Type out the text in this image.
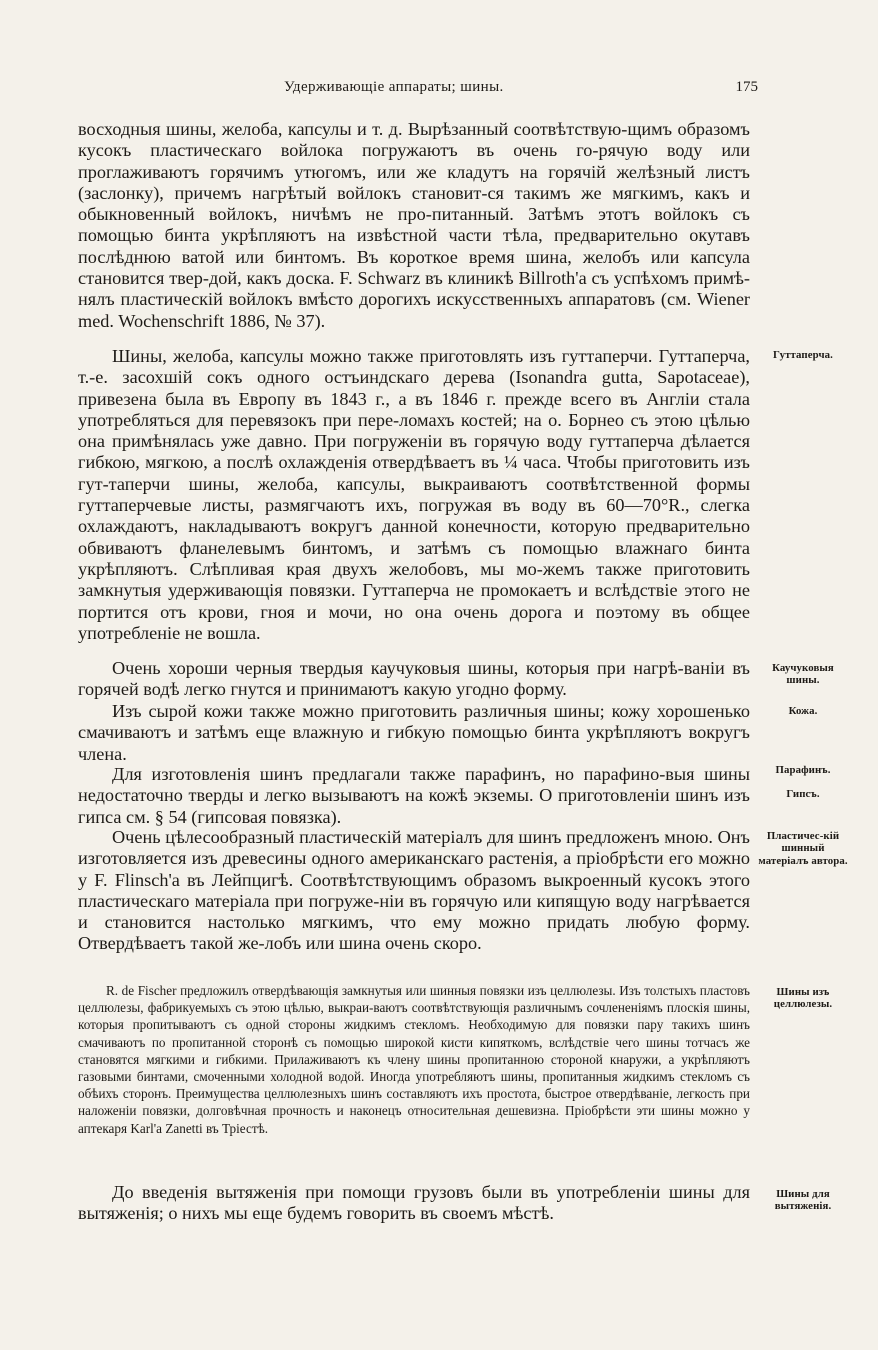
Удерживающіе аппараты; шины.	175
восходныя шины, желоба, капсулы и т. д. Вырѣзанный соотвѣтствую-щимъ образомъ кусокъ пластическаго войлока погружаютъ въ очень го-рячую воду или проглаживаютъ горячимъ утюгомъ, или же кладутъ на горячій желѣзный листъ (заслонку), причемъ нагрѣтый войлокъ становит-ся такимъ же мягкимъ, какъ и обыкновенный войлокъ, ничѣмъ не про-питанный. Затѣмъ этотъ войлокъ съ помощью бинта укрѣпляютъ на извѣстной части тѣла, предварительно окутавъ послѣднюю ватой или бинтомъ. Въ короткое время шина, желобъ или капсула становится твер-дой, какъ доска. F. Schwarz въ клиникѣ Billroth'а съ успѣхомъ примѣ-нялъ пластическій войлокъ вмѣсто дорогихъ искусственныхъ аппаратовъ (см. Wiener med. Wochenschrift 1886, № 37).
Шины, желоба, капсулы можно также приготовлять изъ гуттаперчи. Гуттаперча, т.-е. засохшій сокъ одного остъиндскаго дерева (Isonandra gutta, Sapotaceae), привезена была въ Европу въ 1843 г., а въ 1846 г. прежде всего въ Англіи стала употребляться для перевязокъ при пере-ломахъ костей; на о. Борнео съ этою цѣлью она примѣнялась уже давно. При погруженіи въ горячую воду гуттаперча дѣлается гибкою, мягкою, а послѣ охлажденія отвердѣваетъ въ ¼ часа. Чтобы приготовить изъ гут-таперчи шины, желоба, капсулы, выкраиваютъ соотвѣтственной формы гуттаперчевые листы, размягчаютъ ихъ, погружая въ воду въ 60—70°R., слегка охлаждаютъ, накладываютъ вокругъ данной конечности, которую предварительно обвиваютъ фланелевымъ бинтомъ, и затѣмъ съ помощью влажнаго бинта укрѣпляютъ. Слѣпливая края двухъ желобовъ, мы мо-жемъ также приготовить замкнутыя удерживающія повязки. Гуттаперча не промокаетъ и вслѣдствіе этого не портится отъ крови, гноя и мочи, но она очень дорога и поэтому въ общее употребленіе не вошла.
Очень хороши черныя твердыя каучуковыя шины, которыя при нагрѣ-ваніи въ горячей водѣ легко гнутся и принимаютъ какую угодно форму.
Изъ сырой кожи также можно приготовить различныя шины; кожу хорошенько смачиваютъ и затѣмъ еще влажную и гибкую помощью бинта укрѣпляютъ вокругъ члена.
Для изготовленія шинъ предлагали также парафинъ, но парафино-выя шины недостаточно тверды и легко вызываютъ на кожѣ экземы. О приготовленіи шинъ изъ гипса см. § 54 (гипсовая повязка).
Очень цѣлесообразный пластическій матеріалъ для шинъ предложенъ мною. Онъ изготовляется изъ древесины одного американскаго растенія, а пріобрѣсти его можно у F. Flinsch'а въ Лейпцигѣ. Соотвѣтствующимъ образомъ выкроенный кусокъ этого пластическаго матеріала при погруже-ніи въ горячую или кипящую воду нагрѣвается и становится настолько мягкимъ, что ему можно придать любую форму. Отвердѣваетъ такой же-лобъ или шина очень скоро.
R. de Fischer предложилъ отвердѣвающія замкнутыя или шинныя повязки изъ целлюлезы. Изъ толстыхъ пластовъ целлюлезы, фабрикуемыхъ съ этою цѣлью, выкраи-ваютъ соотвѣтствующія различнымъ сочлененіямъ плоскія шины, которыя пропитываютъ съ одной стороны жидкимъ стекломъ. Необходимую для повязки пару такихъ шинъ смачиваютъ по пропитанной сторонѣ съ помощью широкой кисти кипяткомъ, вслѣдствіе чего шины тотчасъ же становятся мягкими и гибкими. Прилаживаютъ къ члену шины пропитанною стороной кнаружи, а укрѣпляютъ газовыми бинтами, смоченными холодной водой. Иногда употребляютъ шины, пропитанныя жидкимъ стекломъ съ обѣихъ сторонъ. Преимущества целлюлезныхъ шинъ составляютъ ихъ простота, быстрое отвердѣваніе, легкость при наложеніи повязки, долговѣчная прочность и наконецъ относительная дешевизна. Пріобрѣсти эти шины можно у аптекаря Karl'a Zanetti въ Тріестѣ.
До введенія вытяженія при помощи грузовъ были въ употребленіи шины для вытяженія; о нихъ мы еще будемъ говорить въ своемъ мѣстѣ.
Гуттаперча.
Каучуковыя шины.
Кожа.
Парафинъ.
Гипсъ.
Пластичес-кій шинный матеріалъ автора.
Шины изъ целлюлезы.
Шины для вытяженія.
